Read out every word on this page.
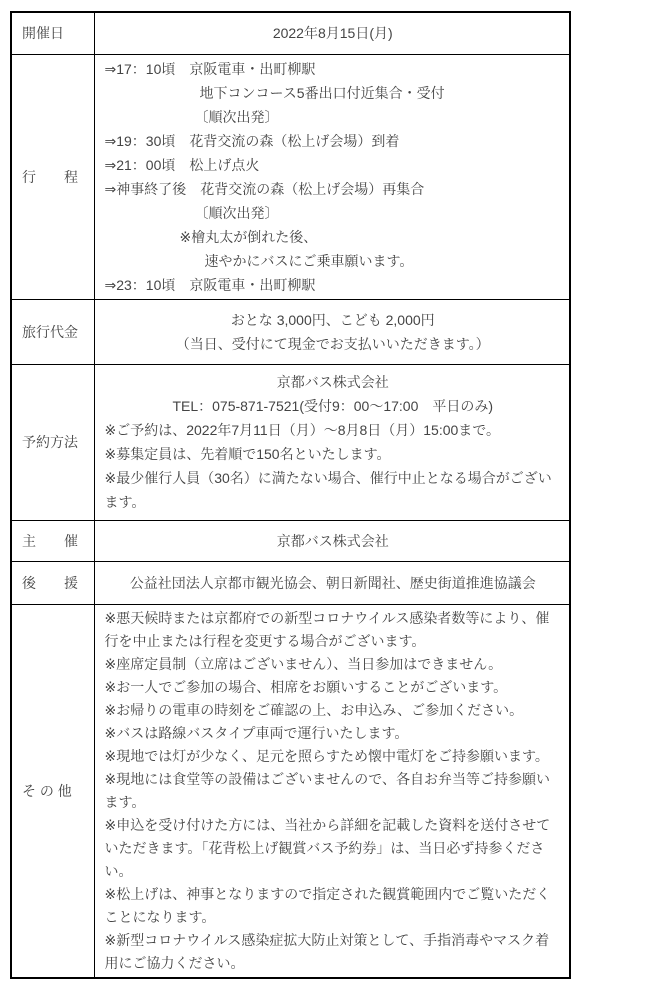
開催日	2022年8月15日(月)

行　　程	
⇒17：10頃　京阪電車・出町柳駅
地下コンコース5番出口付近集合・受付
〔順次出発〕
⇒19：30頃　花背交流の森（松上げ会場）到着
⇒21：00頃　松上げ点火
⇒神事終了後　花背交流の森（松上げ会場）再集合
〔順次出発〕
※檜丸太が倒れた後、
速やかにバスにご乗車願います。
⇒23：10頃　京阪電車・出町柳駅

旅行代金	おとな 3,000円、こども 2,000円
（当日、受付にて現金でお支払いいただきます。）

予約方法	京都バス株式会社
TEL：075-871-7521(受付9：00～17:00　平日のみ)
※ご予約は、2022年7月11日（月）～8月8日（月）15:00まで。
※募集定員は、先着順で150名といたします。
※最少催行人員（30名）に満たない場合、催行中止となる場合がございます。

主　　催	京都バス株式会社

後　　援	公益社団法人京都市観光協会、朝日新聞社、歴史街道推進協議会

そ の 他	
※悪天候時または京都府での新型コロナウイルス感染者数等により、催行を中止または行程を変更する場合がございます。
※座席定員制（立席はございません）、当日参加はできません。
※お一人でご参加の場合、相席をお願いすることがございます。
※お帰りの電車の時刻をご確認の上、お申込み、ご参加ください。
※バスは路線バスタイプ車両で運行いたします。
※現地では灯が少なく、足元を照らすため懐中電灯をご持参願います。
※現地には食堂等の設備はございませんので、各自お弁当等ご持参願います。
※申込を受け付けた方には、当社から詳細を記載した資料を送付させていただきます。「花背松上げ観賞バス予約券」は、当日必ず持参ください。
※松上げは、神事となりますので指定された観賞範囲内でご覧いただくことになります。
※新型コロナウイルス感染症拡大防止対策として、手指消毒やマスク着用にご協力ください。
